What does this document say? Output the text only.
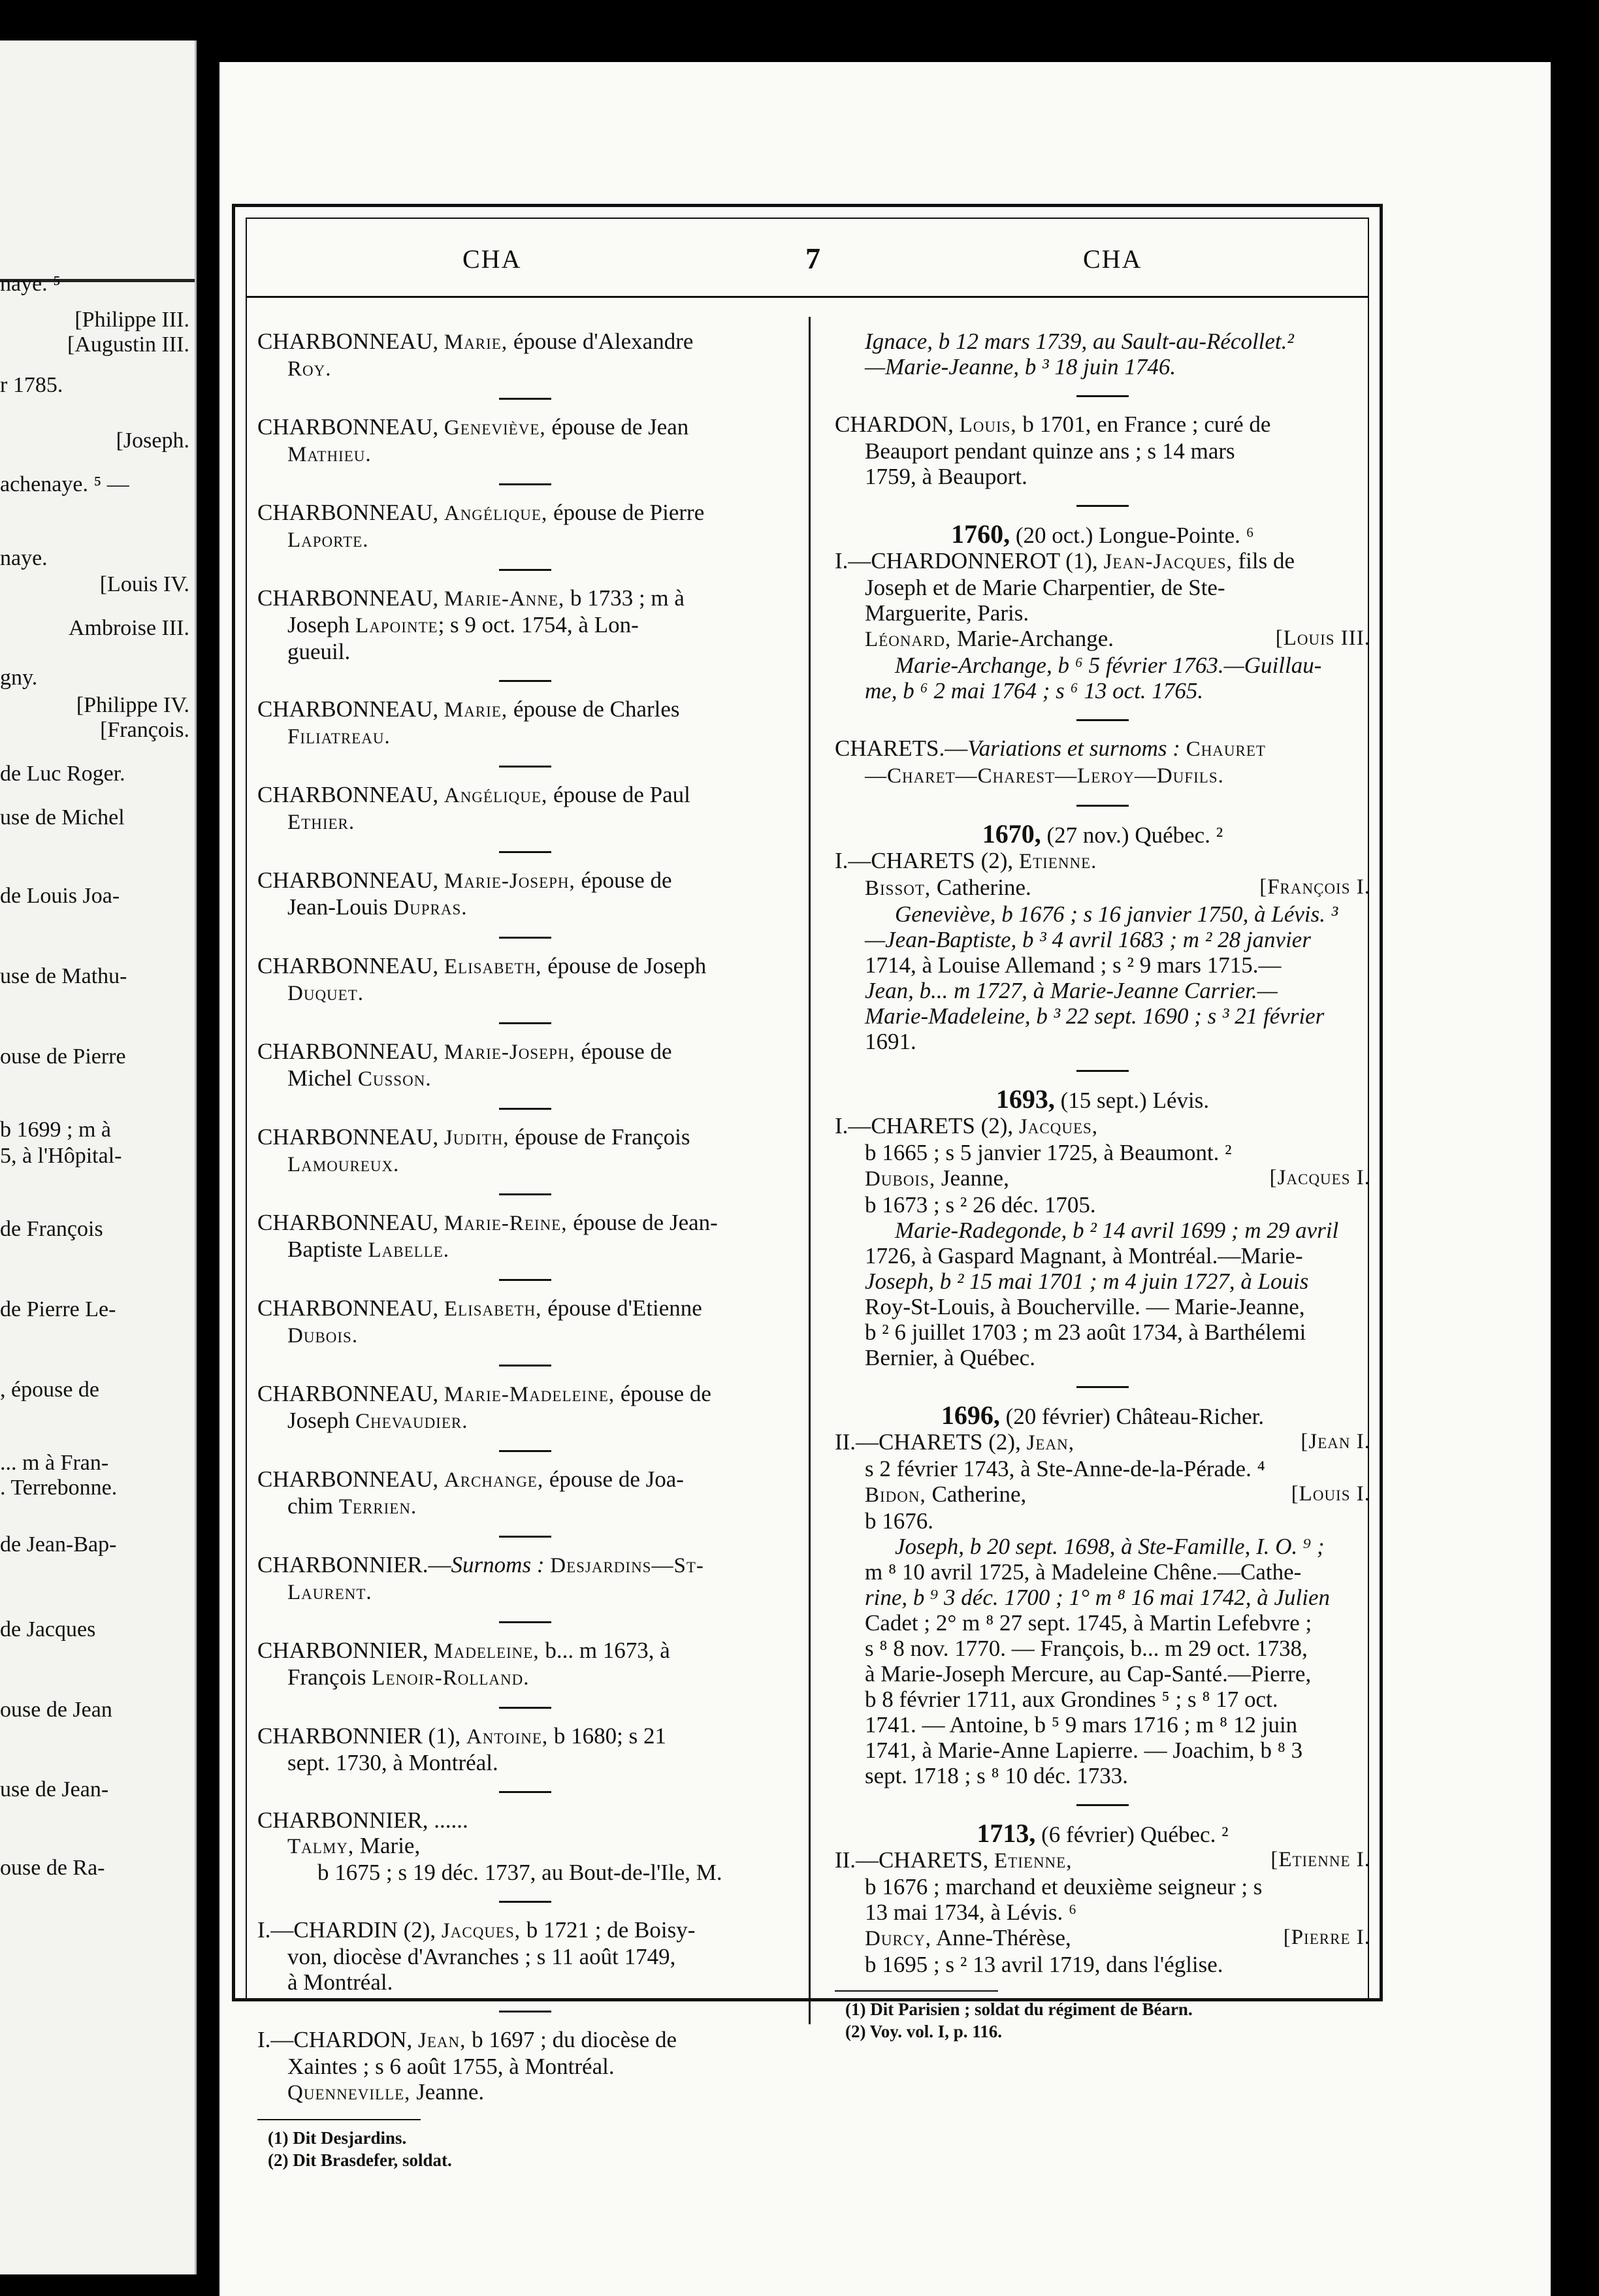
naye. ⁵
[Philippe III.
[Augustin III.
r 1785.
[Joseph.
achenaye. ⁵ —
naye.
[Louis IV.
Ambroise III.
gny.
[Philippe IV.
[François.
de Luc Roger.
use de Michel
de Louis Joa-
use de Mathu-
ouse de Pierre
b 1699 ; m à
5, à l'Hôpital-
de François
de Pierre Le-
, épouse de
... m à Fran-
. Terrebonne.
de Jean-Bap-
de Jacques
ouse de Jean
use de Jean-
ouse de Ra-
CHA	7	CHA
CHARBONNEAU, Marie, épouse d'Alexandre
Roy.
CHARBONNEAU, Geneviève, épouse de Jean
Mathieu.
CHARBONNEAU, Angélique, épouse de Pierre
Laporte.
CHARBONNEAU, Marie-Anne, b 1733 ; m à
Joseph Lapointe; s 9 oct. 1754, à Lon-
gueuil.
CHARBONNEAU, Marie, épouse de Charles
Filiatreau.
CHARBONNEAU, Angélique, épouse de Paul
Ethier.
CHARBONNEAU, Marie-Joseph, épouse de
Jean-Louis Dupras.
CHARBONNEAU, Elisabeth, épouse de Joseph
Duquet.
CHARBONNEAU, Marie-Joseph, épouse de
Michel Cusson.
CHARBONNEAU, Judith, épouse de François
Lamoureux.
CHARBONNEAU, Marie-Reine, épouse de Jean-
Baptiste Labelle.
CHARBONNEAU, Elisabeth, épouse d'Etienne
Dubois.
CHARBONNEAU, Marie-Madeleine, épouse de
Joseph Chevaudier.
CHARBONNEAU, Archange, épouse de Joa-
chim Terrien.
CHARBONNIER.—Surnoms : Desjardins—St-
Laurent.
CHARBONNIER, Madeleine, b... m 1673, à
François Lenoir-Rolland.
CHARBONNIER (1), Antoine, b 1680; s 21
sept. 1730, à Montréal.
CHARBONNIER, ......
Talmy, Marie,
b 1675 ; s 19 déc. 1737, au Bout-de-l'Ile, M.
I.—CHARDIN (2), Jacques, b 1721 ; de Boisy-
von, diocèse d'Avranches ; s 11 août 1749,
à Montréal.
I.—CHARDON, Jean, b 1697 ; du diocèse de
Xaintes ; s 6 août 1755, à Montréal.
Quenneville, Jeanne.
(1) Dit Desjardins.
(2) Dit Brasdefer, soldat.
Ignace, b 12 mars 1739, au Sault-au-Récollet.²
—Marie-Jeanne, b ³ 18 juin 1746.
CHARDON, Louis, b 1701, en France ; curé de
Beauport pendant quinze ans ; s 14 mars
1759, à Beauport.
1760, (20 oct.) Longue-Pointe. ⁶
I.—CHARDONNEROT (1), Jean-Jacques, fils de
Joseph et de Marie Charpentier, de Ste-
Marguerite, Paris.
Léonard, Marie-Archange.	[Louis III.
Marie-Archange, b ⁶ 5 février 1763.—Guillau-
me, b ⁶ 2 mai 1764 ; s ⁶ 13 oct. 1765.
CHARETS.—Variations et surnoms : Chauret
—Charet—Charest—Leroy—Dufils.
1670, (27 nov.) Québec. ²
I.—CHARETS (2), Etienne.
Bissot, Catherine.	[François I.
Geneviève, b 1676 ; s 16 janvier 1750, à Lévis. ³
—Jean-Baptiste, b ³ 4 avril 1683 ; m ² 28 janvier
1714, à Louise Allemand ; s ² 9 mars 1715.—
Jean, b... m 1727, à Marie-Jeanne Carrier.—
Marie-Madeleine, b ³ 22 sept. 1690 ; s ³ 21 février
1691.
1693, (15 sept.) Lévis.
I.—CHARETS (2), Jacques,
b 1665 ; s 5 janvier 1725, à Beaumont. ²
Dubois, Jeanne,	[Jacques I.
b 1673 ; s ² 26 déc. 1705.
Marie-Radegonde, b ² 14 avril 1699 ; m 29 avril
1726, à Gaspard Magnant, à Montréal.—Marie-
Joseph, b ² 15 mai 1701 ; m 4 juin 1727, à Louis
Roy-St-Louis, à Boucherville. — Marie-Jeanne,
b ² 6 juillet 1703 ; m 23 août 1734, à Barthélemi
Bernier, à Québec.
1696, (20 février) Château-Richer.
II.—CHARETS (2), Jean,	[Jean I.

s 2 février 1743, à Ste-Anne-de-la-Pérade. ⁴
Bidon, Catherine,	[Louis I.
b 1676.
Joseph, b 20 sept. 1698, à Ste-Famille, I. O. ⁹ ;
m ⁸ 10 avril 1725, à Madeleine Chêne.—Cathe-
rine, b ⁹ 3 déc. 1700 ; 1° m ⁸ 16 mai 1742, à Julien
Cadet ; 2° m ⁸ 27 sept. 1745, à Martin Lefebvre ;
s ⁸ 8 nov. 1770. — François, b... m 29 oct. 1738,
à Marie-Joseph Mercure, au Cap-Santé.—Pierre,
b 8 février 1711, aux Grondines ⁵ ; s ⁸ 17 oct.
1741. — Antoine, b ⁵ 9 mars 1716 ; m ⁸ 12 juin
1741, à Marie-Anne Lapierre. — Joachim, b ⁸ 3
sept. 1718 ; s ⁸ 10 déc. 1733.
1713, (6 février) Québec. ²
II.—CHARETS, Etienne,	[Etienne I.

b 1676 ; marchand et deuxième seigneur ; s
13 mai 1734, à Lévis. ⁶
Durcy, Anne-Thérèse,	[Pierre I.
b 1695 ; s ² 13 avril 1719, dans l'église.
(1) Dit Parisien ; soldat du régiment de Béarn.
(2) Voy. vol. I, p. 116.
